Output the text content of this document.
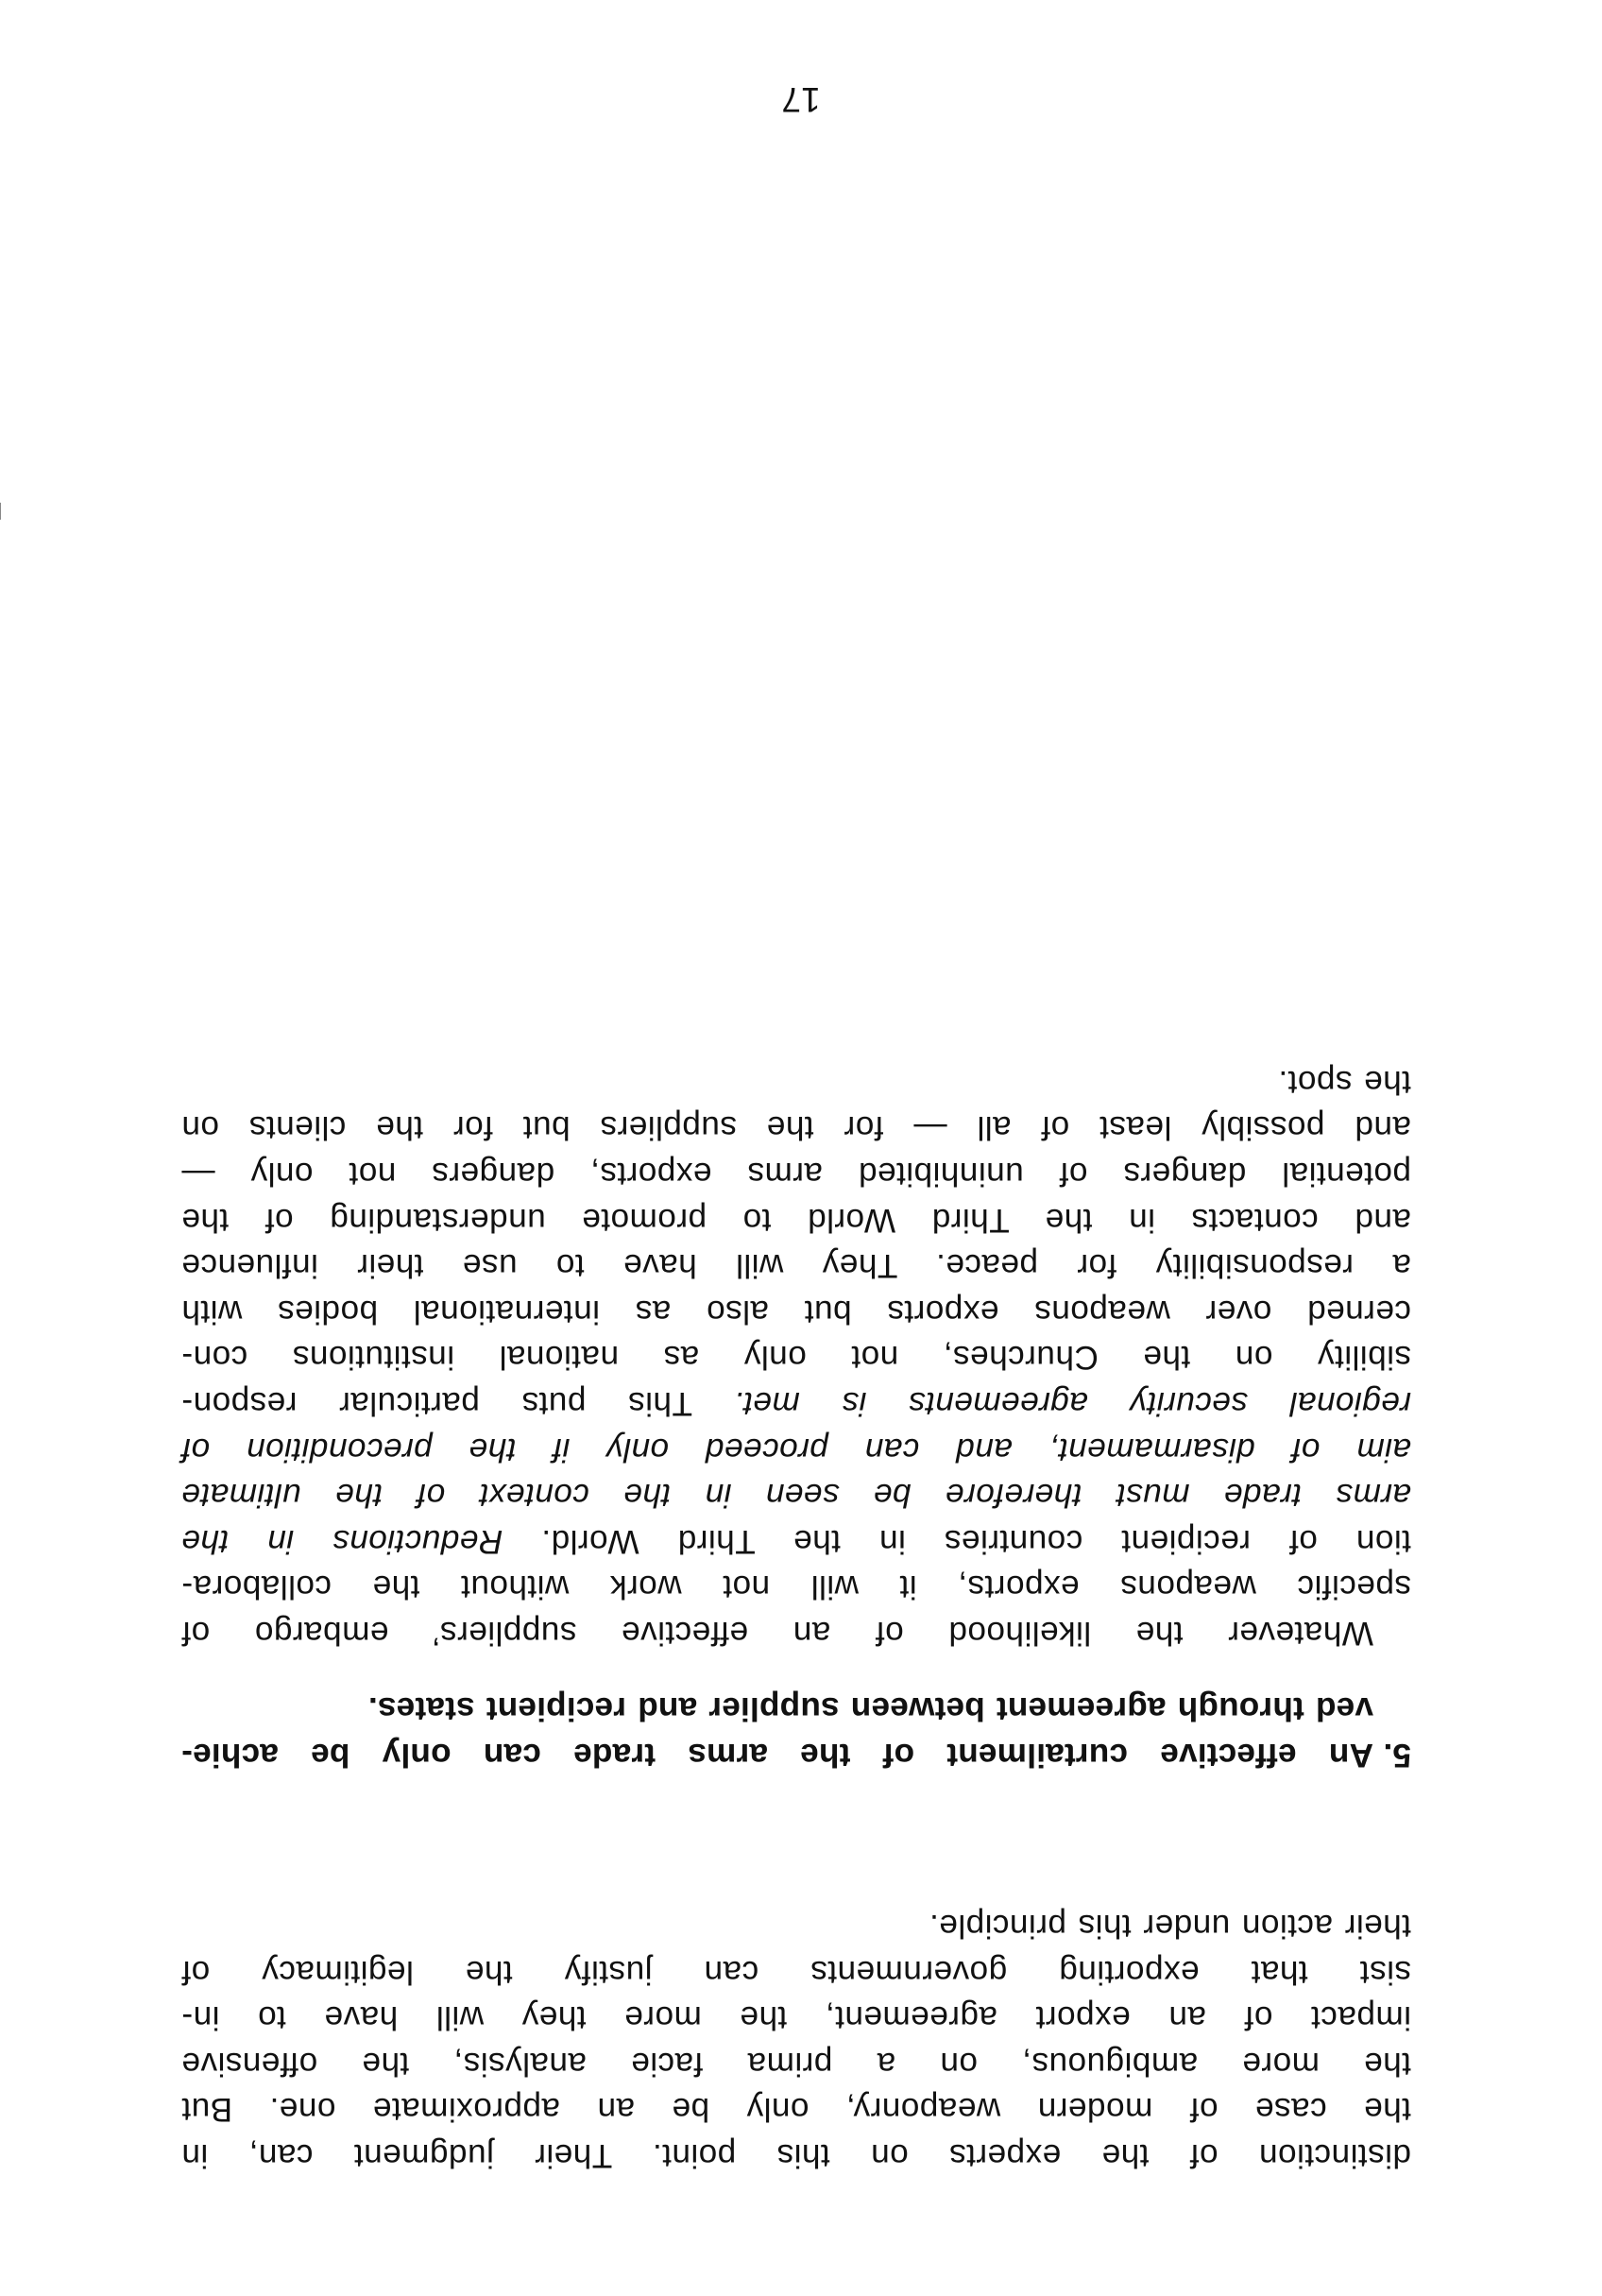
distinction of the experts on this point. Their judgment can, in
the case of modern weaponry, only be an approximate one. But
the more ambiguous, on a prima facie analysis, the offensive
impact of an export agreement, the more they will have to in-
sist that exporting governments can justify the legitimacy of
their action under this principle.
5.An effective curtailment of the arms trade can only be achie-
ved through agreement between supplier and recipient states.
Whatever the likelihood of an effective suppliers’ embargo of
specific weapons exports, it will not work without the collabora-
tion of recipient countries in the Third World. Reductions in the
arms trade must therefore be seen in the context of the ultimate
aim of disarmament, and can proceed only if the precondition of
regional security agreements is met. This puts particular respon-
sibility on the Churches, not only as national institutions con-
cerned over weapons exports but also as international bodies with
a responsibility for peace. They will have to use their influence
and contacts in the Third World to promote understanding of the
potential dangers of uninhibited arms exports, dangers not only —
and possibly least of all — for the suppliers but for the clients on
the spot.
17
